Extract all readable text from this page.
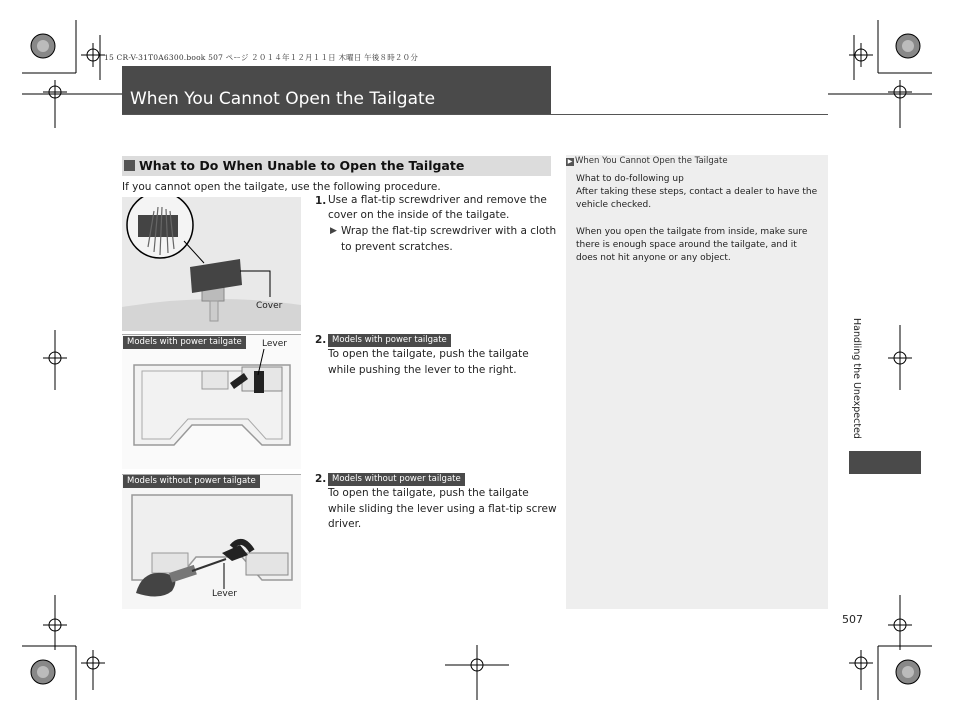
15 CR-V-31T0A6300.book 507 ページ ２０１４年１２月１１日 木曜日 午後８時２０分
When You Cannot Open the Tailgate
What to Do When Unable to Open the Tailgate
If you cannot open the tailgate, use the following procedure.
Cover
1. Use a flat-tip screwdriver and remove the
cover on the inside of the tailgate.
▶ Wrap the flat-tip screwdriver with a cloth
to prevent scratches.
Models with power tailgate	Lever	2. Models with power tailgate
To open the tailgate, push the tailgate
while pushing the lever to the right.
Models without power tailgate
Lever
2. Models without power tailgate
To open the tailgate, push the tailgate
while sliding the lever using a flat-tip screw
driver.
▶ When You Cannot Open the Tailgate
What to do-following up
After taking these steps, contact a dealer to have the
vehicle checked.
When you open the tailgate from inside, make sure
there is enough space around the tailgate, and it
does not hit anyone or any object.
Handling the Unexpected
507
